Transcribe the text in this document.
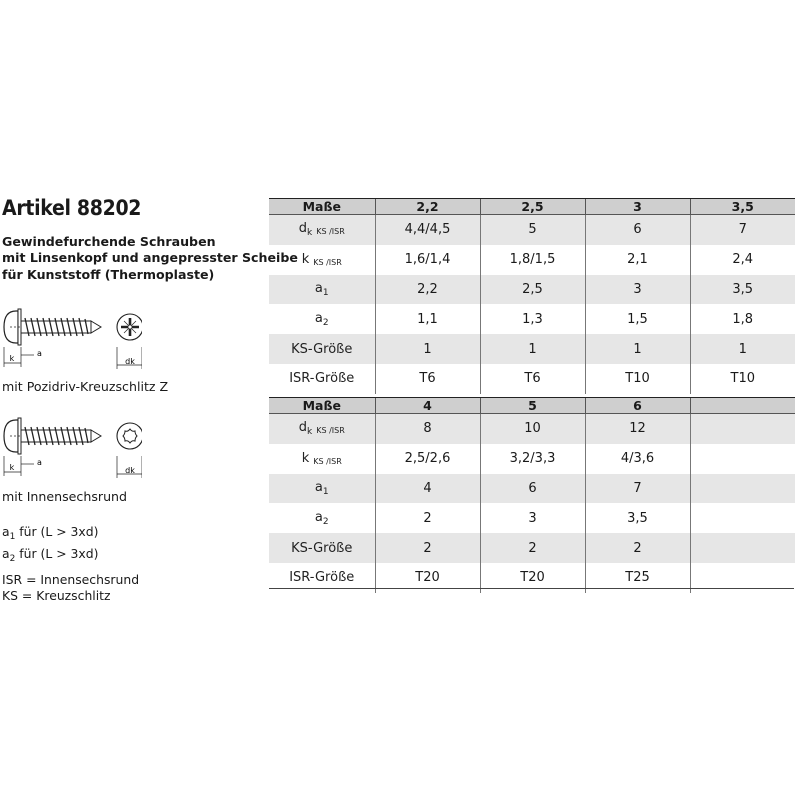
Artikel 88202
Gewindefurchende Schrauben
mit Linsenkopf und angepresster Scheibe
für Kunststoff (Thermoplaste)
k
a
dk
mit Pozidriv-Kreuzschlitz Z
k
a
dk
mit Innensechsrund
$a_1$ für (L > 3xd)
$a_2$ für (L > 3xd)
ISR = Innensechsrund
KS = Kreuzschlitz
Maße	2,2	2,5	3	3,5
$d_k$ $_{KS /ISR}$	4,4/4,5	5	6	7
k $_{KS /ISR}$	1,6/1,4	1,8/1,5	2,1	2,4
$a_1$	2,2	2,5	3	3,5
$a_2$	1,1	1,3	1,5	1,8
KS-Größe	1	1	1	1
ISR-Größe	T6	T6	T10	T10
Maße	4	5	6	
$d_k$ $_{KS /ISR}$	8	10	12	
k $_{KS /ISR}$	2,5/2,6	3,2/3,3	4/3,6	
$a_1$	4	6	7	
$a_2$	2	3	3,5	
KS-Größe	2	2	2	
ISR-Größe	T20	T20	T25	
